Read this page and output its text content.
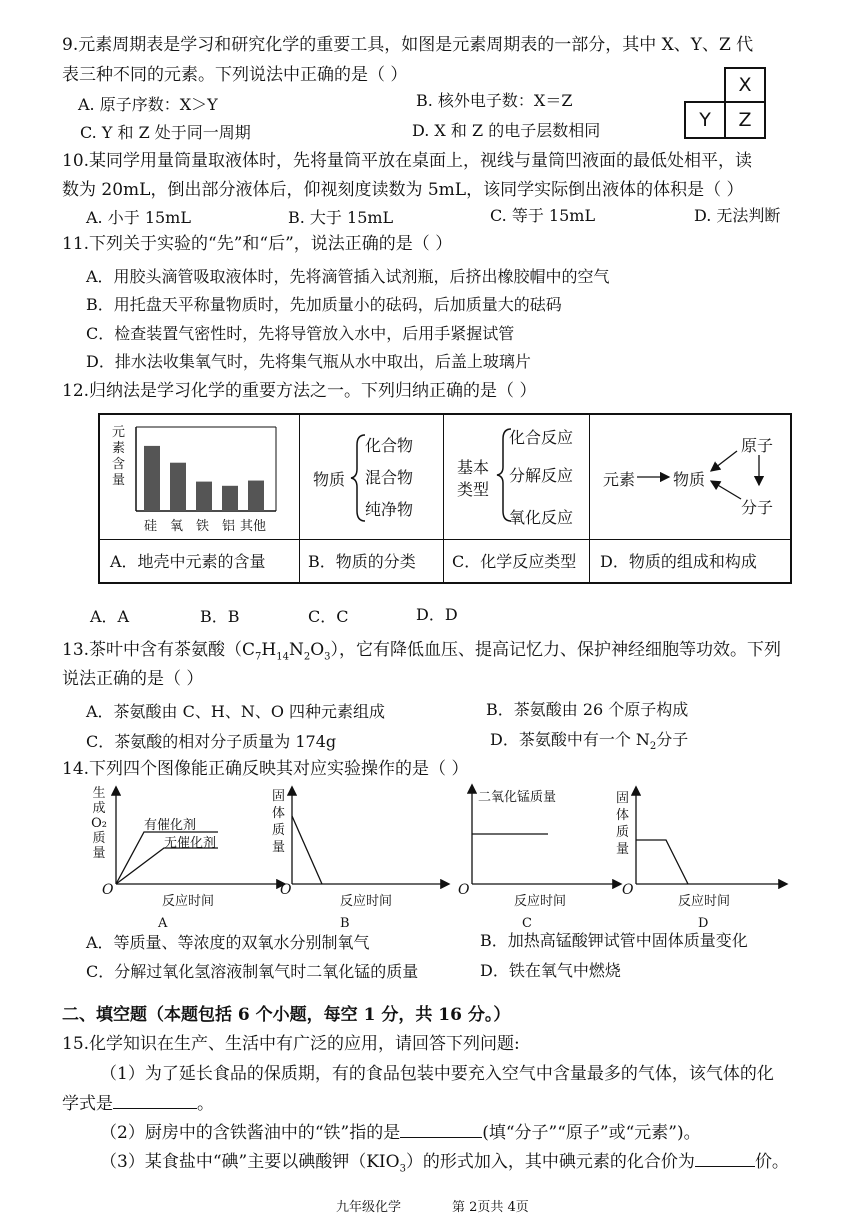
9.元素周期表是学习和研究化学的重要工具，如图是元素周期表的一部分，其中 X、Y、Z 代
表三种不同的元素。下列说法中正确的是（ ）
A. 原子序数：X＞Y	B. 核外电子数：X＝Z
C. Y 和 Z 处于同一周期	D. X 和 Z 的电子层数相同
X
Y	Z
10.某同学用量筒量取液体时，先将量筒平放在桌面上，视线与量筒凹液面的最低处相平，读
数为 20mL，倒出部分液体后，仰视刻度读数为 5mL，该同学实际倒出液体的体积是（ ）
A. 小于 15mL	B. 大于 15mL	C. 等于 15mL	D. 无法判断
11.下列关于实验的“先”和“后”，说法正确的是（ ）
A．用胶头滴管吸取液体时，先将滴管插入试剂瓶，后挤出橡胶帽中的空气
B．用托盘天平称量物质时，先加质量小的砝码，后加质量大的砝码
C．检查装置气密性时，先将导管放入水中，后用手紧握试管
D．排水法收集氧气时，先将集气瓶从水中取出，后盖上玻璃片
12.归纳法是学习化学的重要方法之一。下列归纳正确的是（ ）
元素含量
硅 氧 铁 铝 其他
物质
化合物
混合物
纯净物
基本
类型
化合反应
分解反应
氧化反应
元素 物质
原子
分子
A．地壳中元素的含量	B．物质的分类 C．化学反应类型 D．物质的组成和构成
A．A	B．B	C．C	D．D
13.茶叶中含有茶氨酸$(C_7H_{14}N_2O_3)$，它有降低血压、提高记忆力、保护神经细胞等功效。下列
说法正确的是（ ）
A．茶氨酸由 C、H、N、O 四种元素组成	B．茶氨酸由 26 个原子构成
C．茶氨酸的相对分子质量为 174g	D．茶氨酸中有一个 $N_2$分子
14.下列四个图像能正确反映其对应实验操作的是（ ）
生
成
O₂
质
量
有催化剂
无催化剂
O
反应时间
A
固
体
质
量
O
反应时间
B
二氧化锰质量
O
反应时间
C
固
体
质
量
O
反应时间
D
A．等质量、等浓度的双氧水分别制氧气	B．加热高锰酸钾试管中固体质量变化
C．分解过氧化氢溶液制氧气时二氧化锰的质量	D．铁在氧气中燃烧
二、填空题（本题包括 6 个小题，每空 1 分，共 16 分。）
15.化学知识在生产、生活中有广泛的应用，请回答下列问题:
（1）为了延长食品的保质期，有的食品包装中要充入空气中含量最多的气体，该气体的化
学式是	。
（2）厨房中的含铁酱油中的“铁”指的是	(填“分子”“原子”或“元素”)。
（3）某食盐中“碘”主要以碘酸钾$(KIO_3)$的形式加入，其中碘元素的化合价为	价。
九年级化学	第 2页共 4页
